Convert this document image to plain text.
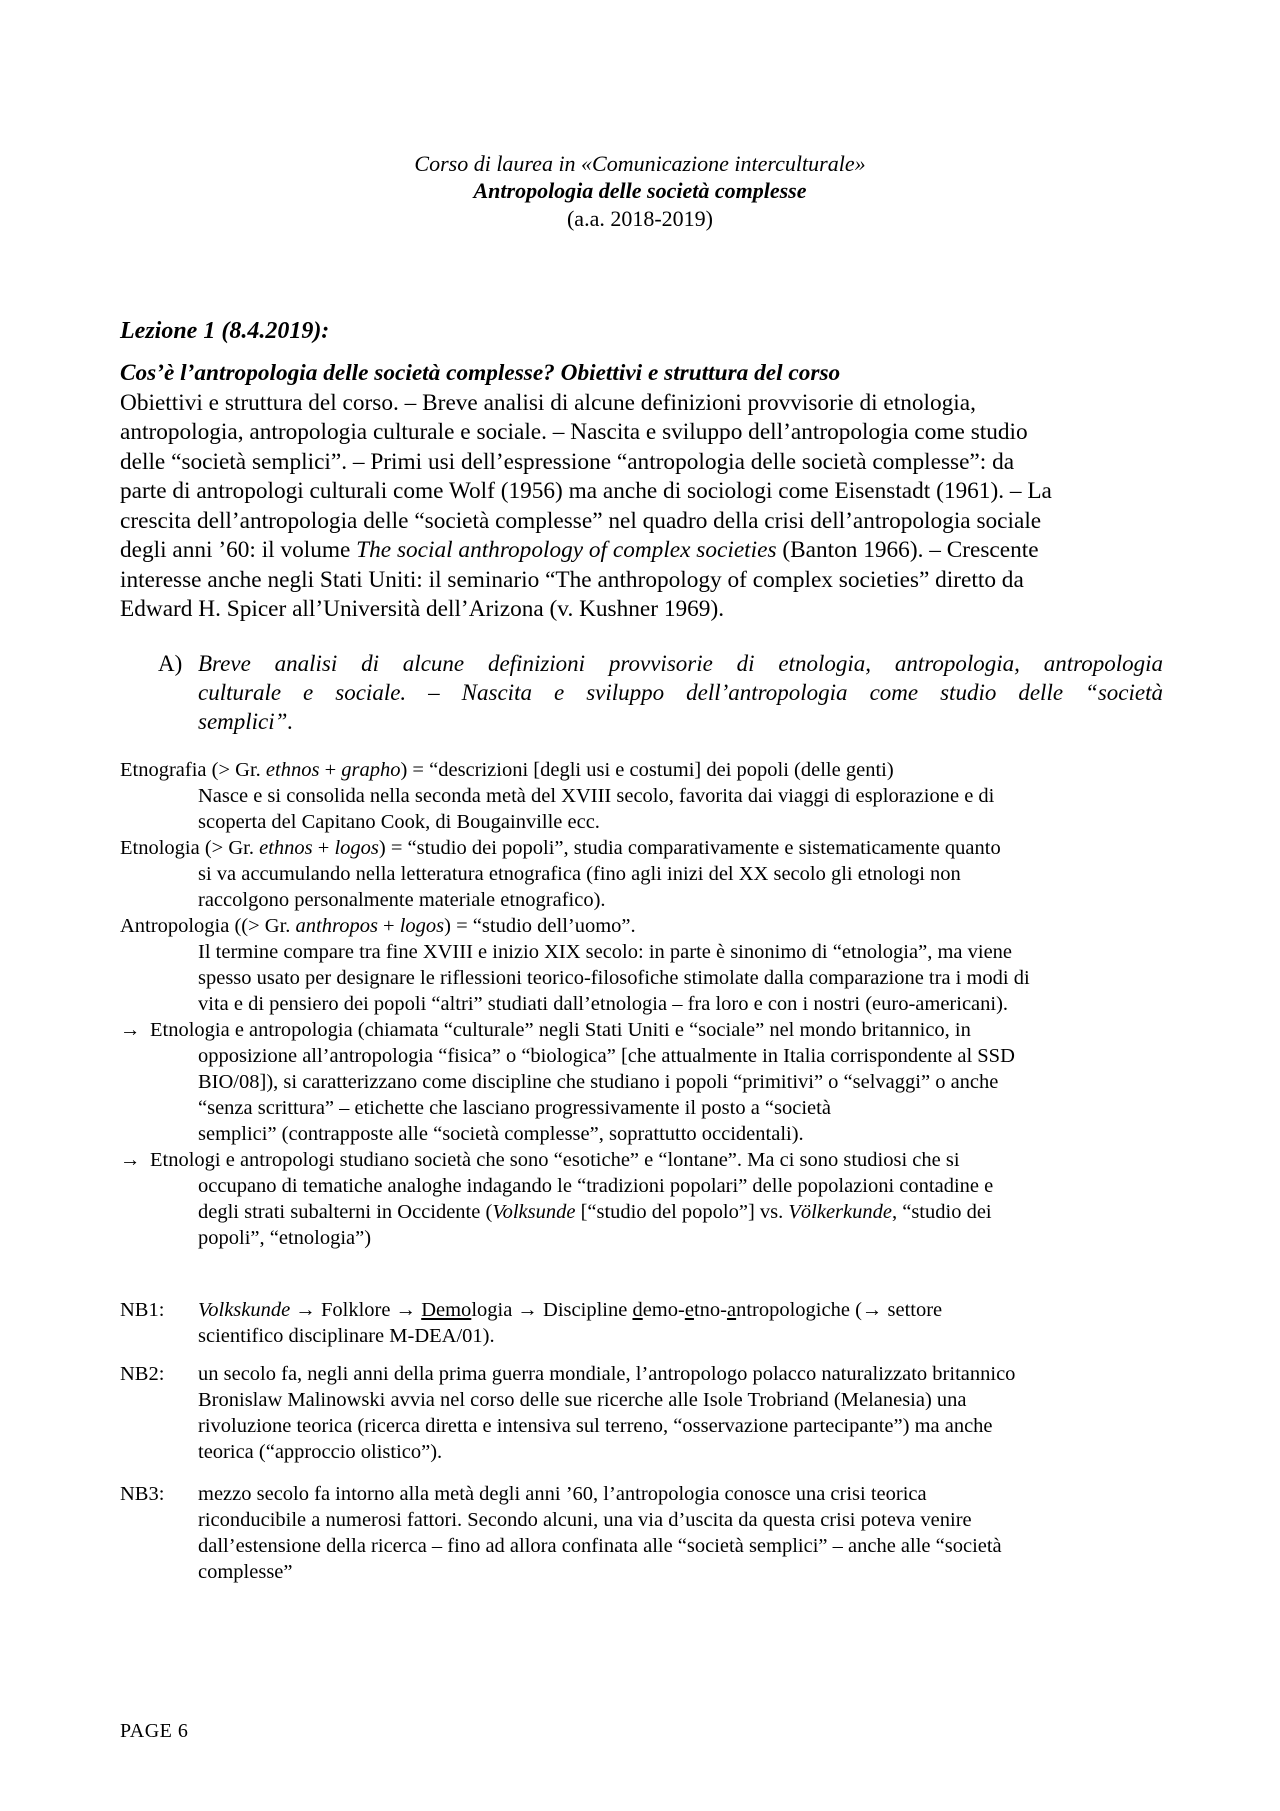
Corso di laurea in «Comunicazione interculturale»
Antropologia delle società complesse
(a.a. 2018-2019)
Lezione 1 (8.4.2019):
Cos’è l’antropologia delle società complesse? Obiettivi e struttura del corso
Obiettivi e struttura del corso. – Breve analisi di alcune definizioni provvisorie di etnologia,
antropologia, antropologia culturale e sociale. – Nascita e sviluppo dell’antropologia come studio
delle “società semplici”. – Primi usi dell’espressione “antropologia delle società complesse”: da
parte di antropologi culturali come Wolf (1956) ma anche di sociologi come Eisenstadt (1961). – La
crescita dell’antropologia delle “società complesse” nel quadro della crisi dell’antropologia sociale
degli anni ’60: il volume The social anthropology of complex societies (Banton 1966). – Crescente
interesse anche negli Stati Uniti: il seminario “The anthropology of complex societies” diretto da
Edward H. Spicer all’Università dell’Arizona (v. Kushner 1969).
A) Breve analisi di alcune definizioni provvisorie di etnologia, antropologia, antropologia
culturale e sociale. – Nascita e sviluppo dell’antropologia come studio delle “società
semplici”.
Etnografia (> Gr. ethnos + grapho) = “descrizioni [degli usi e costumi] dei popoli (delle genti)
Nasce e si consolida nella seconda metà del XVIII secolo, favorita dai viaggi di esplorazione e di
scoperta del Capitano Cook, di Bougainville ecc.
Etnologia (> Gr. ethnos + logos) = “studio dei popoli”, studia comparativamente e sistematicamente quanto
si va accumulando nella letteratura etnografica (fino agli inizi del XX secolo gli etnologi non
raccolgono personalmente materiale etnografico).
Antropologia ((> Gr. anthropos + logos) = “studio dell’uomo”.
Il termine compare tra fine XVIII e inizio XIX secolo: in parte è sinonimo di “etnologia”, ma viene
spesso usato per designare le riflessioni teorico-filosofiche stimolate dalla comparazione tra i modi di
vita e di pensiero dei popoli “altri” studiati dall’etnologia – fra loro e con i nostri (euro-americani).
→ Etnologia e antropologia (chiamata “culturale” negli Stati Uniti e “sociale” nel mondo britannico, in
opposizione all’antropologia “fisica” o “biologica” [che attualmente in Italia corrispondente al SSD
BIO/08]), si caratterizzano come discipline che studiano i popoli “primitivi” o “selvaggi” o anche
“senza scrittura” – etichette che lasciano progressivamente il posto a “società
semplici” (contrapposte alle “società complesse”, soprattutto occidentali).
→ Etnologi e antropologi studiano società che sono “esotiche” e “lontane”. Ma ci sono studiosi che si
occupano di tematiche analoghe indagando le “tradizioni popolari” delle popolazioni contadine e
degli strati subalterni in Occidente (Volksunde [“studio del popolo”] vs. Völkerkunde, “studio dei
popoli”, “etnologia”)
NB1: Volkskunde → Folklore → Demologia → Discipline demo-etno-antropologiche (→ settore
scientifico disciplinare M-DEA/01).
NB2: un secolo fa, negli anni della prima guerra mondiale, l’antropologo polacco naturalizzato britannico
Bronislaw Malinowski avvia nel corso delle sue ricerche alle Isole Trobriand (Melanesia) una
rivoluzione teorica (ricerca diretta e intensiva sul terreno, “osservazione partecipante”) ma anche
teorica (“approccio olistico”).
NB3: mezzo secolo fa intorno alla metà degli anni ’60, l’antropologia conosce una crisi teorica
riconducibile a numerosi fattori. Secondo alcuni, una via d’uscita da questa crisi poteva venire
dall’estensione della ricerca – fino ad allora confinata alle “società semplici” – anche alle “società
complesse”
PAGE 6
